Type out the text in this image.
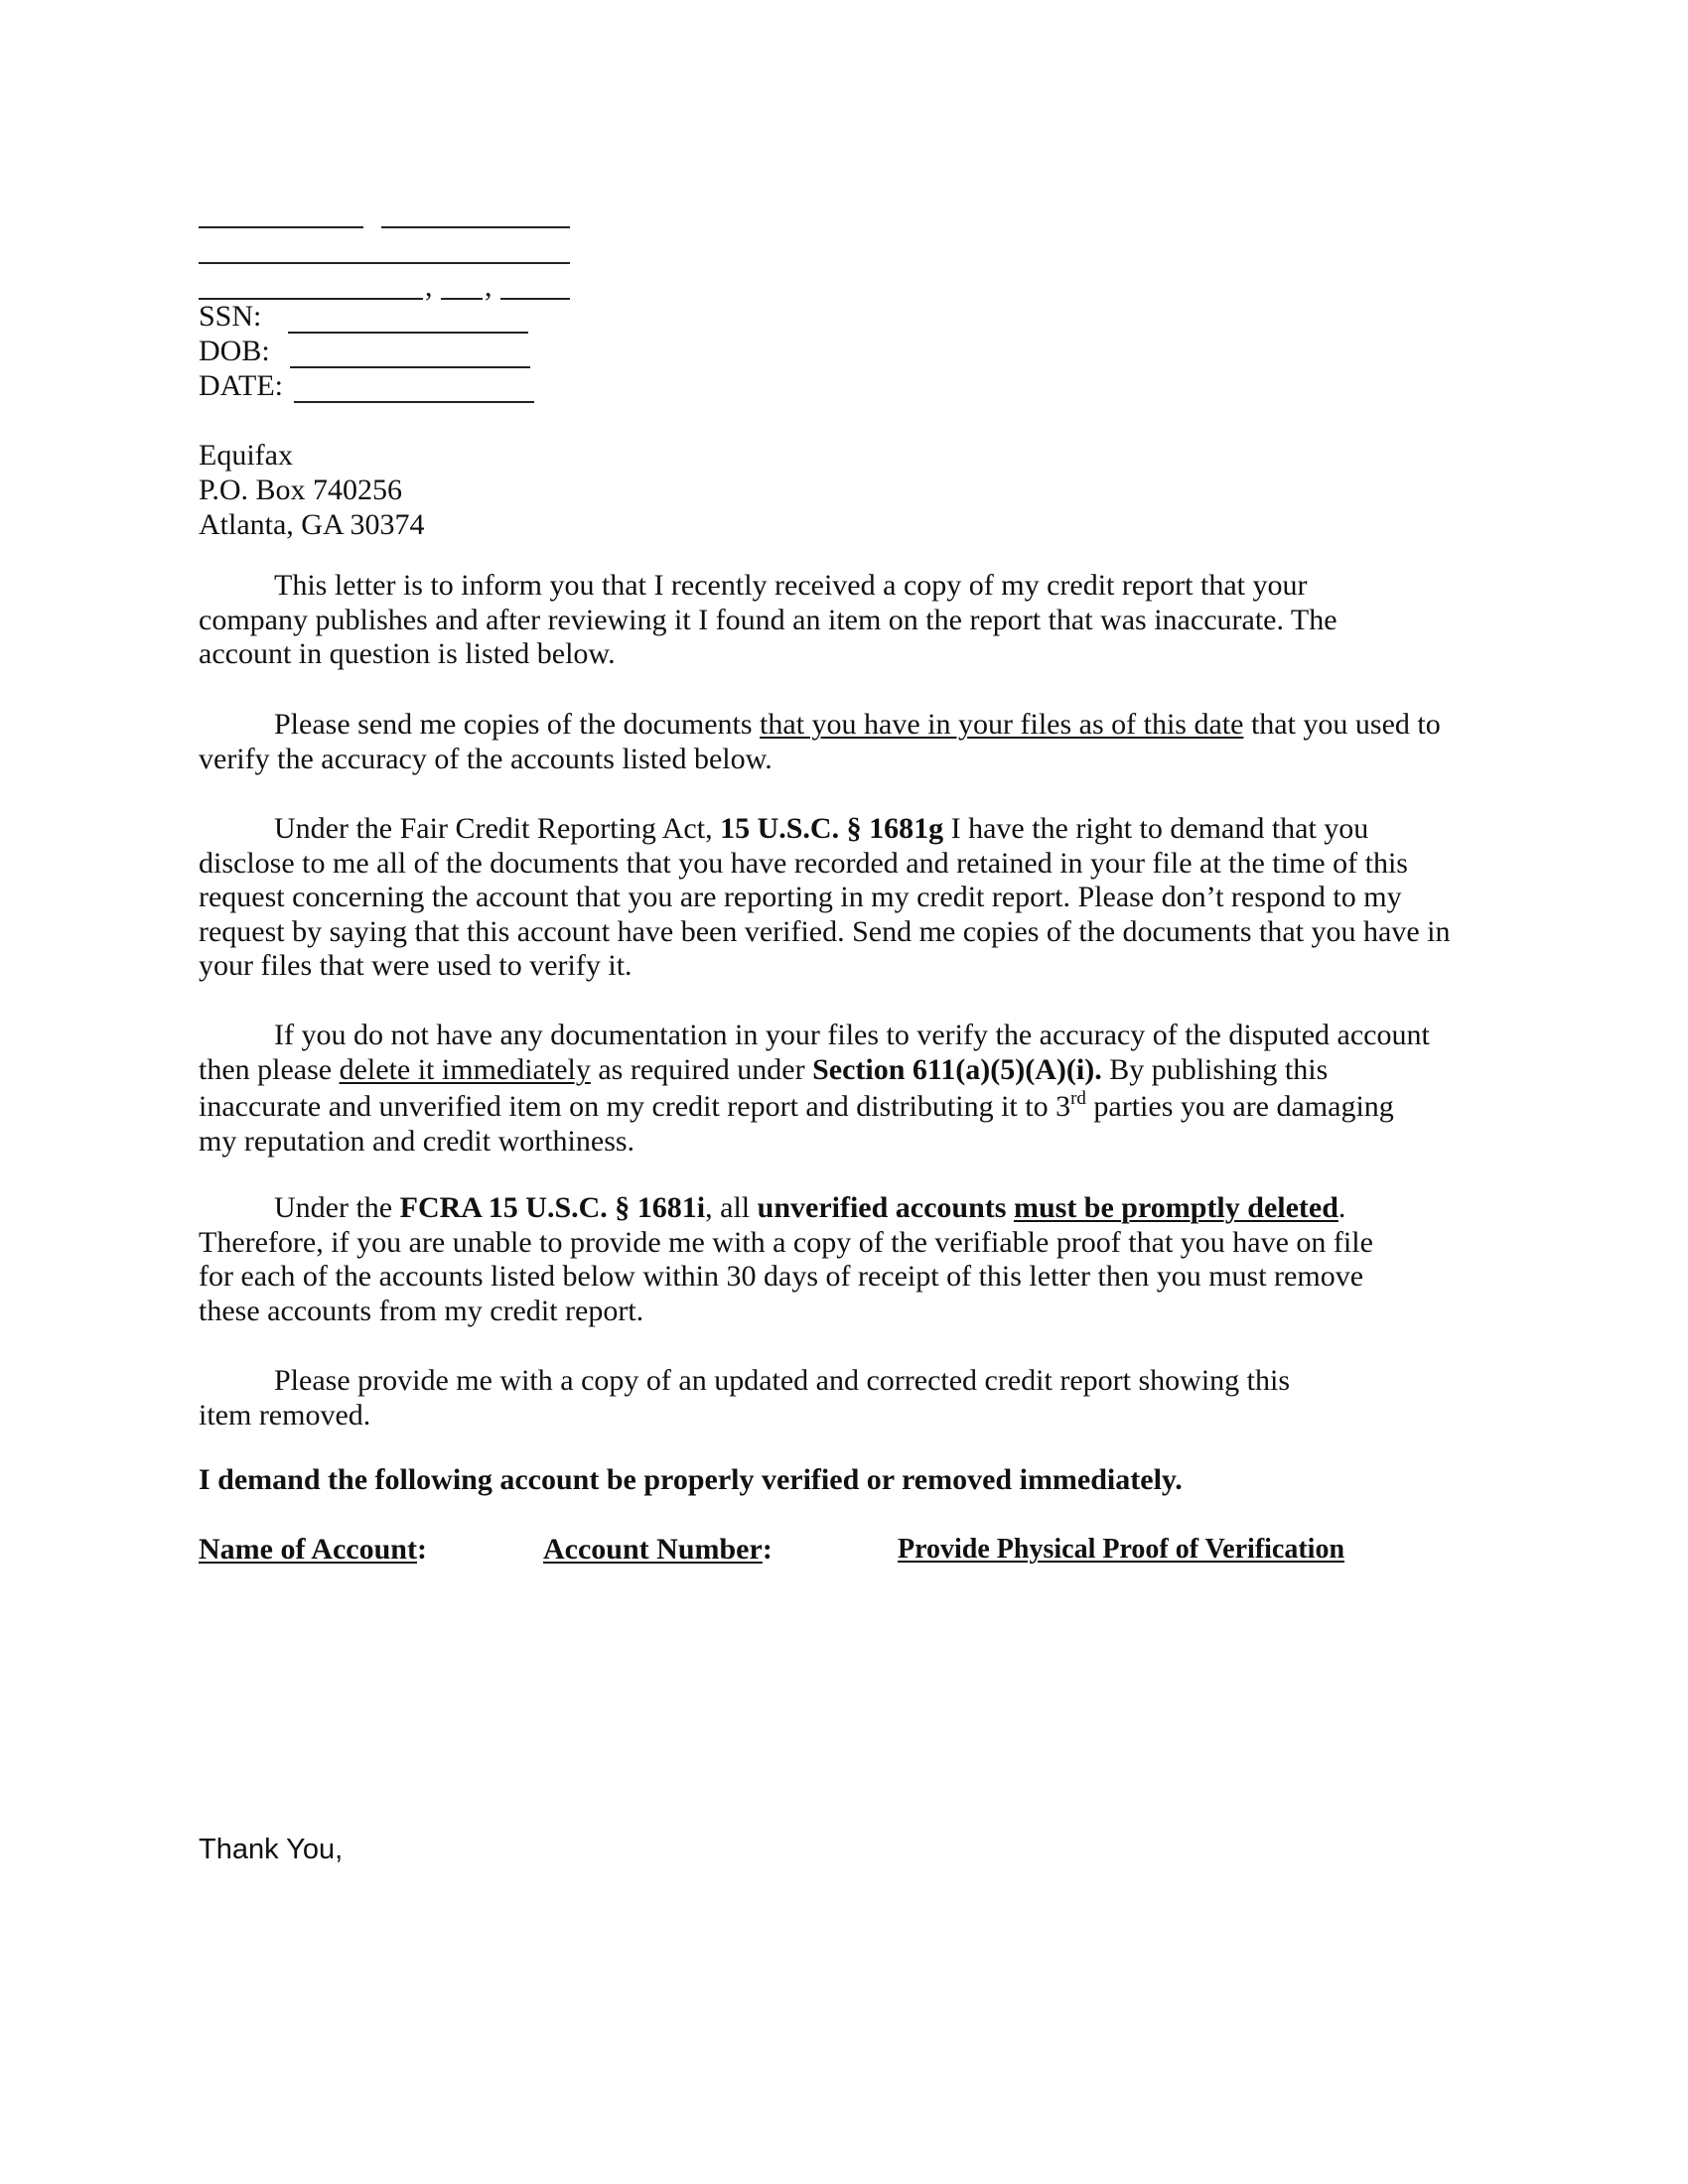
, ,
SSN:
DOB:
DATE:
Equifax
P.O. Box 740256
Atlanta, GA 30374
This letter is to inform you that I recently received a copy of my credit report that your
company publishes and after reviewing it I found an item on the report that was inaccurate. The
account in question is listed below.
Please send me copies of the documents that you have in your files as of this date that you used to
verify the accuracy of the accounts listed below.
Under the Fair Credit Reporting Act, 15 U.S.C. § 1681g I have the right to demand that you
disclose to me all of the documents that you have recorded and retained in your file at the time of this
request concerning the account that you are reporting in my credit report. Please don’t respond to my
request by saying that this account have been verified. Send me copies of the documents that you have in
your files that were used to verify it.
If you do not have any documentation in your files to verify the accuracy of the disputed account
then please delete it immediately as required under Section 611(a)(5)(A)(i). By publishing this
inaccurate and unverified item on my credit report and distributing it to 3rd parties you are damaging
my reputation and credit worthiness.
Under the FCRA 15 U.S.C. § 1681i, all unverified accounts must be promptly deleted.
Therefore, if you are unable to provide me with a copy of the verifiable proof that you have on file
for each of the accounts listed below within 30 days of receipt of this letter then you must remove
these accounts from my credit report.
Please provide me with a copy of an updated and corrected credit report showing this
item removed.
I demand the following account be properly verified or removed immediately.
Name of Account:	Account Number:	Provide Physical Proof of Verification
Thank You,
